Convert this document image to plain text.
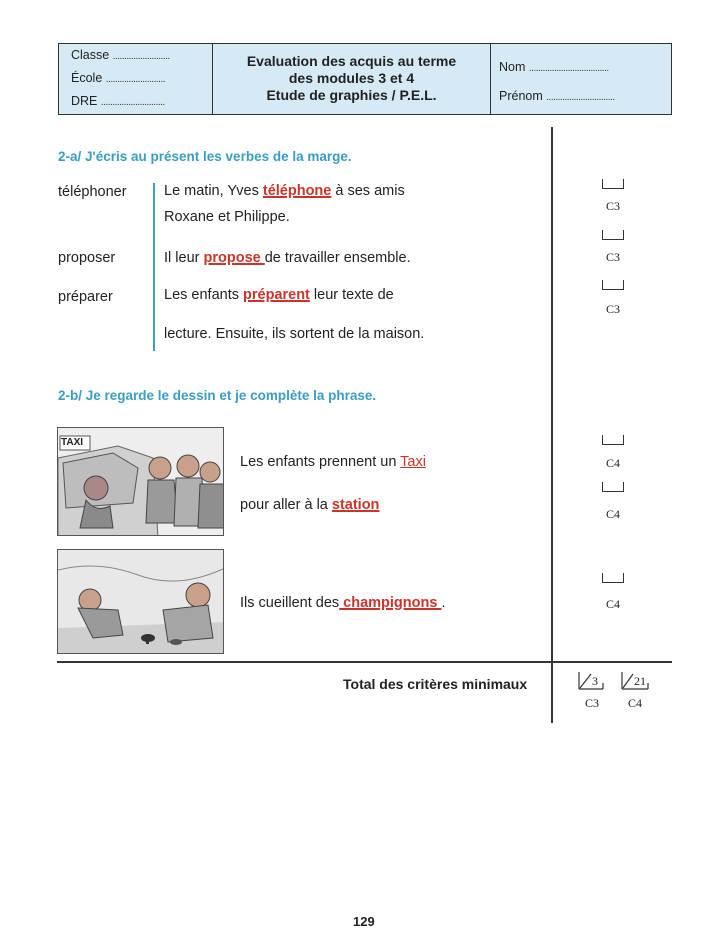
Classe .........................
École ..........................
DRE ............................
Evaluation des acquis au terme
des modules 3 et 4
Etude de graphies / P.E.L.
Nom ...................................
Prénom ..............................
2-a/ J'écris au présent les verbes de la marge.
téléphoner	Le matin, Yves téléphone à ses amis
Roxane et Philippe.
proposer	Il leur propose de travailler ensemble.
préparer	Les enfants préparent leur texte de
lecture. Ensuite, ils sortent de la maison.
C3
C3
C3
2-b/ Je regarde le dessin et je complète la phrase.
TAXI
Les enfants prennent un Taxi
pour aller à la station
Ils cueillent des champignons .
C4
C4
C4
Total des critères minimaux	3	21
C3	C4
129
